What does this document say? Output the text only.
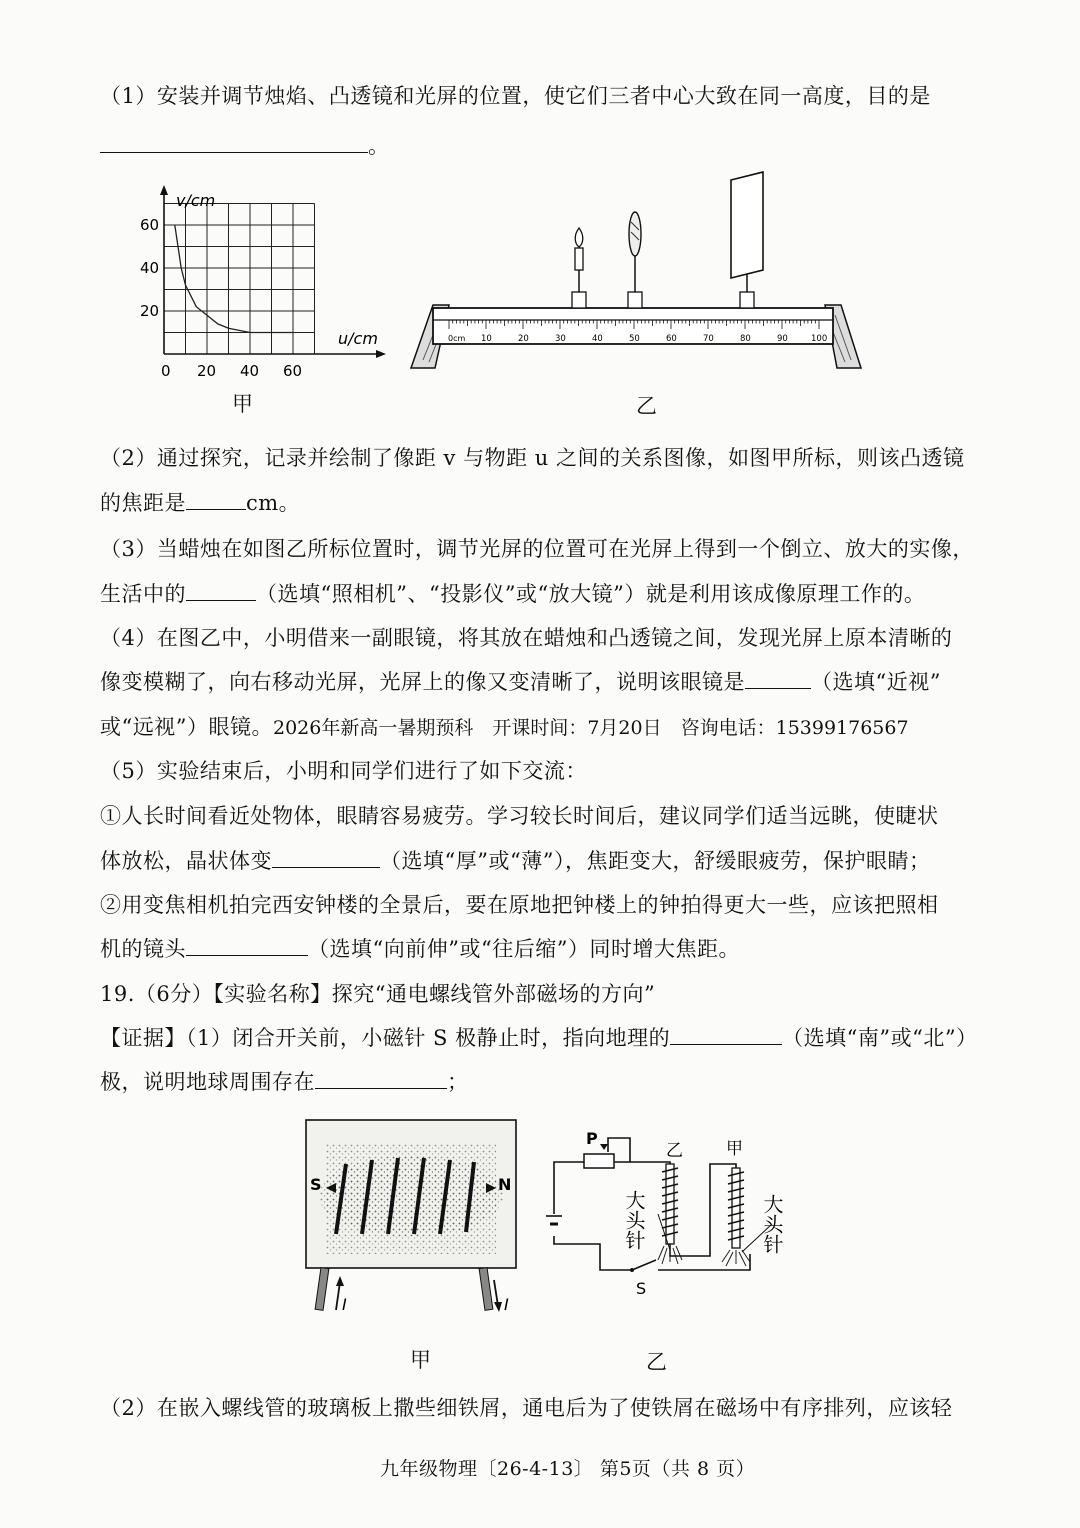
（1）安装并调节烛焰、凸透镜和光屏的位置，使它们三者中心大致在同一高度，目的是
。
v/cm
u/cm
0 20 40 60
20
40
60
甲
0cm 10	20	30	40	50	60	70	80	90	100
乙
（2）通过探究，记录并绘制了像距 v 与物距 u 之间的关系图像，如图甲所标，则该凸透镜
的焦距是	cm。
（3）当蜡烛在如图乙所标位置时，调节光屏的位置可在光屏上得到一个倒立、放大的实像，
生活中的	（选填“照相机”、“投影仪”或“放大镜”）就是利用该成像原理工作的。
（4）在图乙中，小明借来一副眼镜，将其放在蜡烛和凸透镜之间，发现光屏上原本清晰的
像变模糊了，向右移动光屏，光屏上的像又变清晰了，说明该眼镜是	（选填“近视”
或“远视”）眼镜。2026年新高一暑期预科　开课时间：7月20日　咨询电话：15399176567
（5）实验结束后，小明和同学们进行了如下交流：
①人长时间看近处物体，眼睛容易疲劳。学习较长时间后，建议同学们适当远眺，使睫状
体放松，晶状体变	（选填“厚”或“薄”），焦距变大，舒缓眼疲劳，保护眼睛；
②用变焦相机拍完西安钟楼的全景后，要在原地把钟楼上的钟拍得更大一些，应该把照相
机的镜头	（选填“向前伸”或“往后缩”）同时增大焦距。
19.（6分）【实验名称】探究“通电螺线管外部磁场的方向”
【证据】（1）闭合开关前，小磁针 S 极静止时，指向地理的	（选填“南”或“北”）
极，说明地球周围存在	；
S	N
I	I
甲
P
S
乙	甲
大头针	大头针
乙
（2）在嵌入螺线管的玻璃板上撒些细铁屑，通电后为了使铁屑在磁场中有序排列，应该轻
九年级物理〔26-4-13〕 第5页（共 8 页）
